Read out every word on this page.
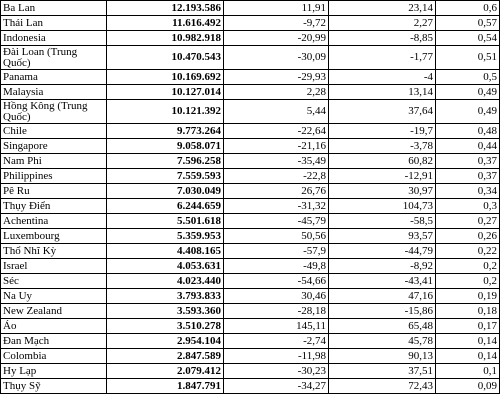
Ba Lan	12.193.586	11,91	23,14	0,6
Thái Lan	11.616.492	-9,72	2,27	0,57
Indonesia	10.982.918	-20,99	-8,85	0,54
Đài Loan (Trung Quốc)	10.470.543	-30,09	-1,77	0,51
Panama	10.169.692	-29,93	-4	0,5
Malaysia	10.127.014	2,28	13,14	0,49
Hồng Kông (Trung Quốc)	10.121.392	5,44	37,64	0,49
Chile	9.773.264	-22,64	-19,7	0,48
Singapore	9.058.071	-21,16	-3,78	0,44
Nam Phi	7.596.258	-35,49	60,82	0,37
Philippines	7.559.593	-22,8	-12,91	0,37
Pê Ru	7.030.049	26,76	30,97	0,34
Thụy Điển	6.244.659	-31,32	104,73	0,3
Achentina	5.501.618	-45,79	-58,5	0,27
Luxembourg	5.359.953	50,56	93,57	0,26
Thổ Nhĩ Kỳ	4.408.165	-57,9	-44,79	0,22
Israel	4.053.631	-49,8	-8,92	0,2
Séc	4.023.440	-54,66	-43,41	0,2
Na Uy	3.793.833	30,46	47,16	0,19
New Zealand	3.593.360	-28,18	-15,86	0,18
Áo	3.510.278	145,11	65,48	0,17
Đan Mạch	2.954.104	-2,74	45,78	0,14
Colombia	2.847.589	-11,98	90,13	0,14
Hy Lạp	2.079.412	-30,23	37,51	0,1
Thụy Sỹ	1.847.791	-34,27	72,43	0,09
